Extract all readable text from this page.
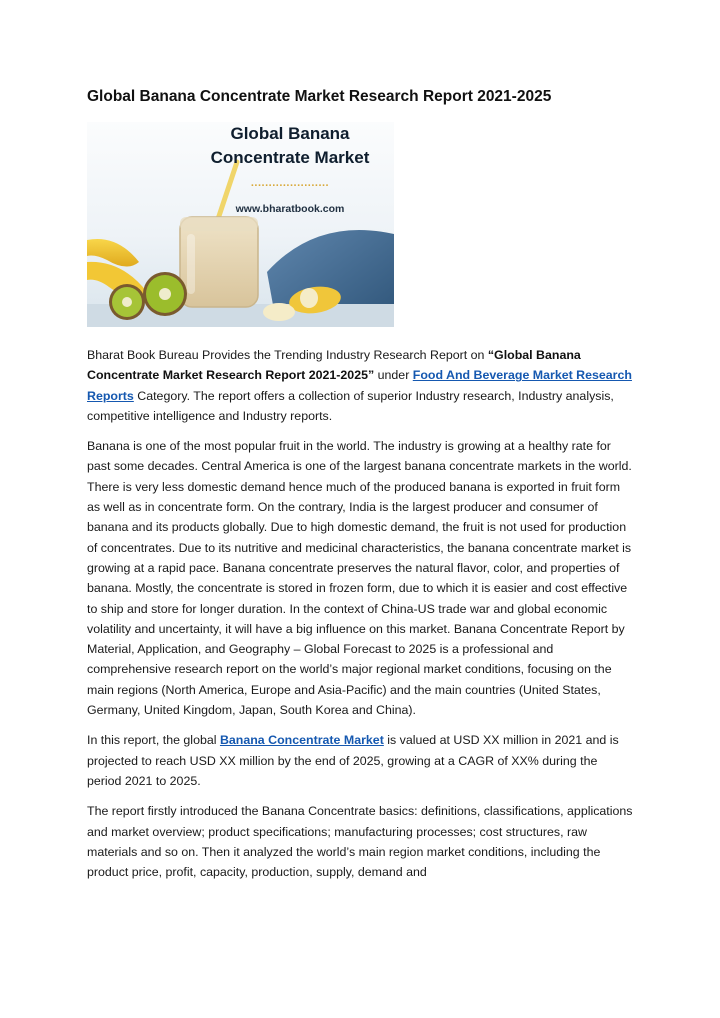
Global Banana Concentrate Market Research Report 2021-2025
Global Banana
Concentrate Market
......................
www.bharatbook.com

Bharat Book Bureau Provides the Trending Industry Research Report on “Global Banana Concentrate Market Research Report 2021-2025” under Food And Beverage Market Research Reports Category. The report offers a collection of superior Industry research, Industry analysis, competitive intelligence and Industry reports.

Banana is one of the most popular fruit in the world. The industry is growing at a healthy rate for past some decades. Central America is one of the largest banana concentrate markets in the world. There is very less domestic demand hence much of the produced banana is exported in fruit form as well as in concentrate form. On the contrary, India is the largest producer and consumer of banana and its products globally. Due to high domestic demand, the fruit is not used for production of concentrates. Due to its nutritive and medicinal characteristics, the banana concentrate market is growing at a rapid pace. Banana concentrate preserves the natural flavor, color, and properties of banana. Mostly, the concentrate is stored in frozen form, due to which it is easier and cost effective to ship and store for longer duration. In the context of China-US trade war and global economic volatility and uncertainty, it will have a big influence on this market. Banana Concentrate Report by Material, Application, and Geography – Global Forecast to 2025 is a professional and comprehensive research report on the world’s major regional market conditions, focusing on the main regions (North America, Europe and Asia-Pacific) and the main countries (United States, Germany, United Kingdom, Japan, South Korea and China).

In this report, the global Banana Concentrate Market is valued at USD XX million in 2021 and is projected to reach USD XX million by the end of 2025, growing at a CAGR of XX% during the period 2021 to 2025.

The report firstly introduced the Banana Concentrate basics: definitions, classifications, applications and market overview; product specifications; manufacturing processes; cost structures, raw materials and so on. Then it analyzed the world’s main region market conditions, including the product price, profit, capacity, production, supply, demand and
